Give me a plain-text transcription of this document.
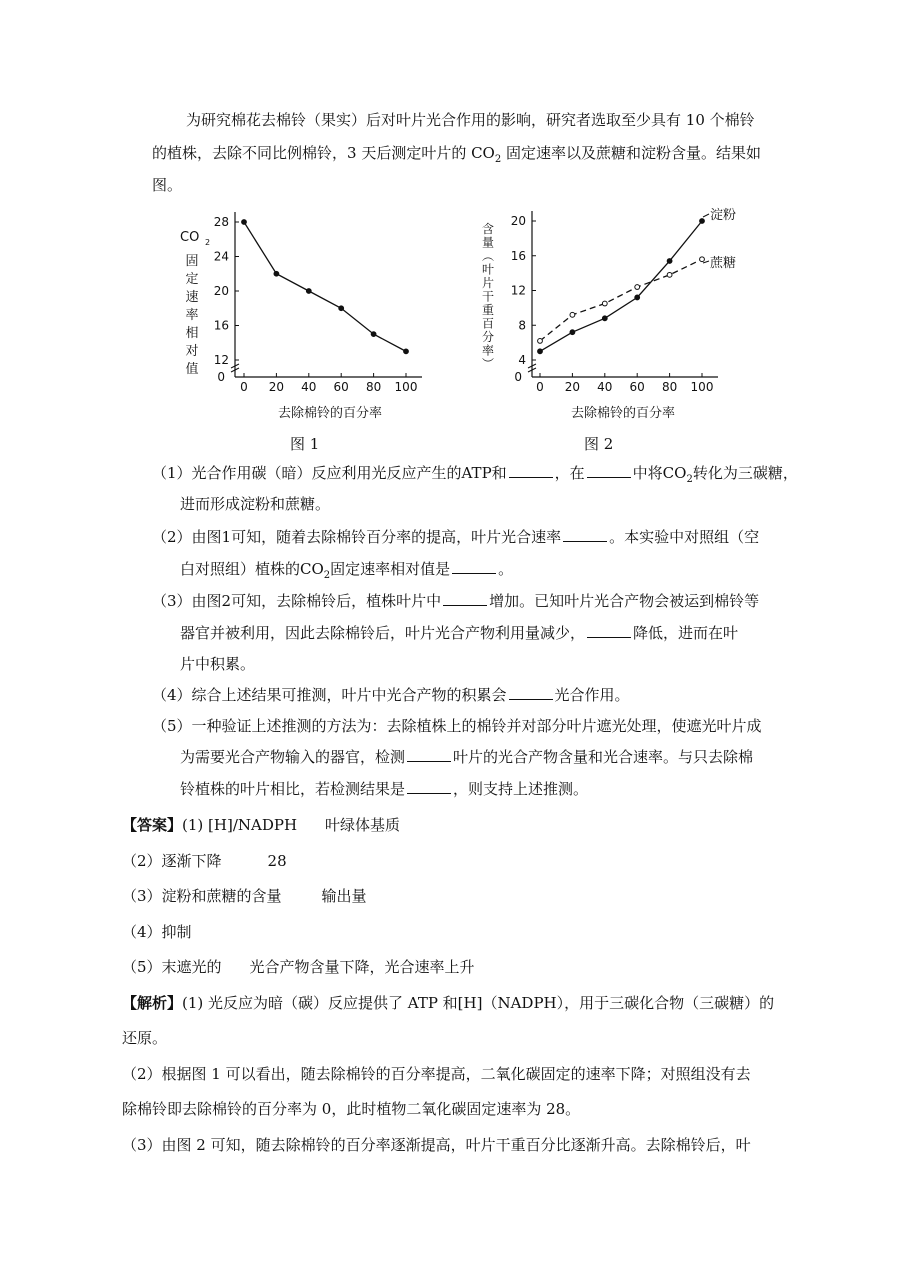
为研究棉花去棉铃（果实）后对叶片光合作用的影响，研究者选取至少具有 10 个棉铃
的植株，去除不同比例棉铃，3 天后测定叶片的 $CO_2$ 固定速率以及蔗糖和淀粉含量。结果如
图。
CO 2
固
定
速
率
相
对
值
去除棉铃的百分率
0
12
16
20
24
28
0 20 40 60 80 100
图 1
含
量
︵
叶
片
干
重
百
分
率
︶
去除棉铃的百分率
淀粉
蔗糖
0
4
8
12
16
20
0 20 40 60 80 100
图 2
（1）光合作用碳（暗）反应利用光反应产生的ATP和	，在	中将$CO_2$转化为三碳糖，
进而形成淀粉和蔗糖。
（2）由图1可知，随着去除棉铃百分率的提高，叶片光合速率	。本实验中对照组（空
白对照组）植株的$CO_2$固定速率相对值是	。
（3）由图2可知，去除棉铃后，植株叶片中	增加。已知叶片光合产物会被运到棉铃等
器官并被利用，因此去除棉铃后，叶片光合产物利用量减少，	降低，进而在叶
片中积累。
（4）综合上述结果可推测，叶片中光合产物的积累会	光合作用。
（5）一种验证上述推测的方法为：去除植株上的棉铃并对部分叶片遮光处理，使遮光叶片成
为需要光合产物输入的器官，检测	叶片的光合产物含量和光合速率。与只去除棉
铃植株的叶片相比，若检测结果是	，则支持上述推测。
【答案】(1) [H]/NADPH 叶绿体基质
（2）逐渐下降	28
（3）淀粉和蔗糖的含量	输出量
（4）抑制
（5）末遮光的 光合产物含量下降，光合速率上升
【解析】(1) 光反应为暗（碳）反应提供了 ATP 和[H]（NADPH），用于三碳化合物（三碳糖）的
还原。
（2）根据图 1 可以看出，随去除棉铃的百分率提高，二氧化碳固定的速率下降；对照组没有去
除棉铃即去除棉铃的百分率为 0，此时植物二氧化碳固定速率为 28。
（3）由图 2 可知，随去除棉铃的百分率逐渐提高，叶片干重百分比逐渐升高。去除棉铃后，叶
